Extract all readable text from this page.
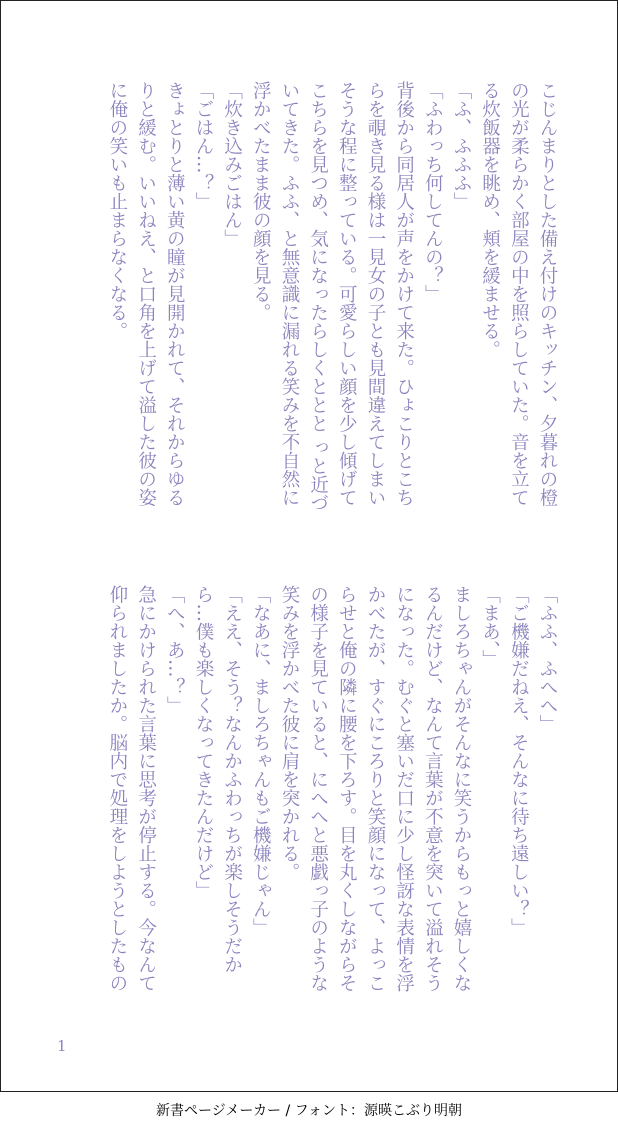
こじんまりとした備え付けのキッチン、夕暮れの橙の光が柔らかく部屋の中を照らしていた。音を立てる炊飯器を眺め、頬を緩ませる。

「ふ、ふふふ」

「ふわっち何してんの？」

背後から同居人が声をかけて来た。ひょこりとこちらを覗き見る様は一見女の子とも見間違えてしまいそうな程に整っている。可愛らしい顔を少し傾げてこちらを見つめ、気になったらしくととと っと近づいてきた。ふふ、と無意識に漏れる笑みを不自然に浮かべたまま彼の顔を見る。

「炊き込みごはん」

「ごはん…？」

きょとりと薄い黄の瞳が見開かれて、それからゆるりと緩む。いいねえ、と口角を上げて溢した彼の姿に俺の笑いも止まらなくなる。

「ふふ、ふへへ」

「ご機嫌だねえ、そんなに待ち遠しい？」

「まあ、」

ましろちゃんがそんなに笑うからもっと嬉しくなるんだけど、なんて言葉が不意を突いて溢れそうになった。むぐと塞いだ口に少し怪訝な表情を浮かべたが、すぐにころりと笑顔になって、よっこらせと俺の隣に腰を下ろす。目を丸くしながらその様子を見ていると、にへへと悪戯っ子のような笑みを浮かべた彼に肩を突かれる。

「なあに、ましろちゃんもご機嫌じゃん」

「ええ、そう？なんかふわっちが楽しそうだから…僕も楽しくなってきたんだけど」

「へ、あ…？」

急にかけられた言葉に思考が停止する。今なんて仰られましたか。脳内で処理をしようとしたもの

1
新書ページメーカー / フォント：源暎こぶり明朝
